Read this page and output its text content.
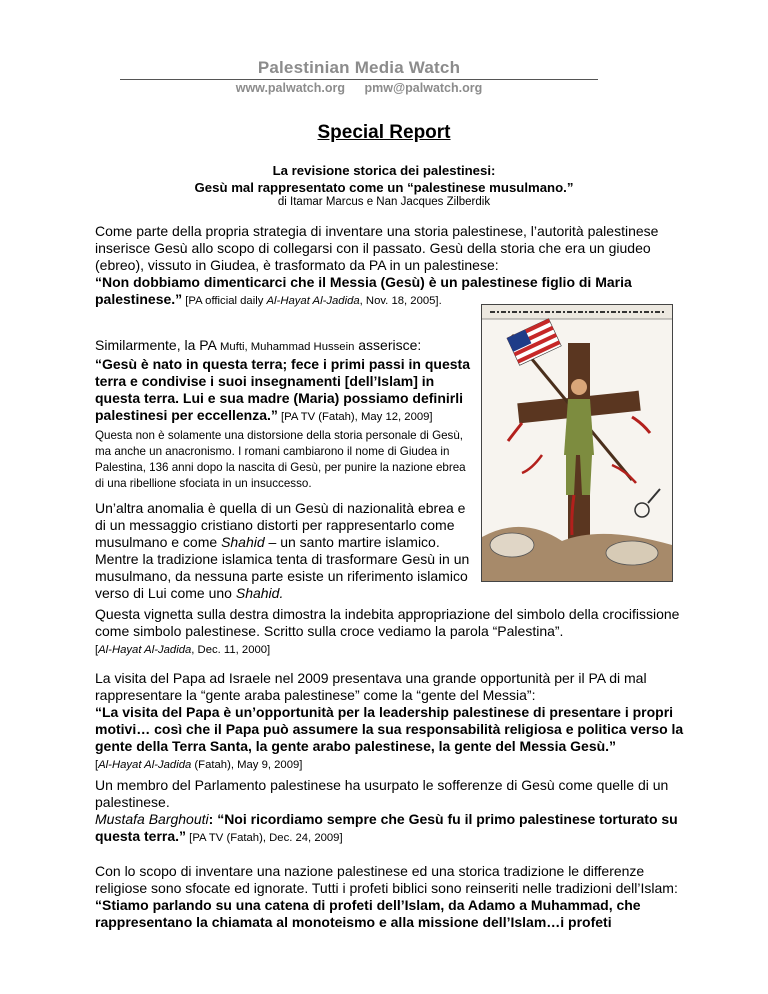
Palestinian Media Watch
www.palwatch.org pmw@palwatch.org
Special Report
La revisione storica dei palestinesi:
Gesù mal rappresentato come un “palestinese musulmano.”
di Itamar Marcus e Nan Jacques Zilberdik
Come parte della propria strategia di inventare una storia palestinese, l’autorità palestinese inserisce Gesù allo scopo di collegarsi con il passato. Gesù della storia che era un giudeo (ebreo), vissuto in Giudea, è trasformato da PA in un palestinese:
“Non dobbiamo dimenticarci che il Messia (Gesù) è un palestinese figlio di Maria palestinese.” [PA official daily Al-Hayat Al-Jadida, Nov. 18, 2005].
Similarmente, la PA Mufti, Muhammad Hussein asserisce:
“Gesù è nato in questa terra; fece i primi passi in questa terra e condivise i suoi insegnamenti [dell’Islam] in questa terra. Lui e sua madre (Maria) possiamo definirli palestinesi per eccellenza.” [PA TV (Fatah), May 12, 2009]
Questa non è solamente una distorsione della storia personale di Gesù, ma anche un anacronismo. I romani cambiarono il nome di Giudea in Palestina, 136 anni dopo la nascita di Gesù, per punire la nazione ebrea di una ribellione sfociata in un insuccesso.
Un’altra anomalia è quella di un Gesù di nazionalità ebrea e di un messaggio cristiano distorti per rappresentarlo come musulmano e come Shahid – un santo martire islamico. Mentre la tradizione islamica tenta di trasformare Gesù in un musulmano, da nessuna parte esiste un riferimento islamico verso di Lui come uno Shahid.
Questa vignetta sulla destra dimostra la indebita appropriazione del simbolo della crocifissione come simbolo palestinese. Scritto sulla croce vediamo la parola “Palestina”.
[Al-Hayat Al-Jadida, Dec. 11, 2000]
La visita del Papa ad Israele nel 2009 presentava una grande opportunità per il PA di mal rappresentare la “gente araba palestinese” come la “gente del Messia”:
“La visita del Papa è un’opportunità per la leadership palestinese di presentare i propri motivi… così che il Papa può assumere la sua responsabilità religiosa e politica verso la gente della Terra Santa, la gente arabo palestinese, la gente del Messia Gesù.”
[Al-Hayat Al-Jadida (Fatah), May 9, 2009]
Un membro del Parlamento palestinese ha usurpato le sofferenze di Gesù come quelle di un palestinese.
Mustafa Barghouti: “Noi ricordiamo sempre che Gesù fu il primo palestinese torturato su questa terra.” [PA TV (Fatah), Dec. 24, 2009]
Con lo scopo di inventare una nazione palestinese ed una storica tradizione le differenze religiose sono sfocate ed ignorate. Tutti i profeti biblici sono reinseriti nelle tradizioni dell’Islam:
“Stiamo parlando su una catena di profeti dell’Islam, da Adamo a Muhammad, che rappresentano la chiamata al monoteismo e alla missione dell’Islam…i profeti
